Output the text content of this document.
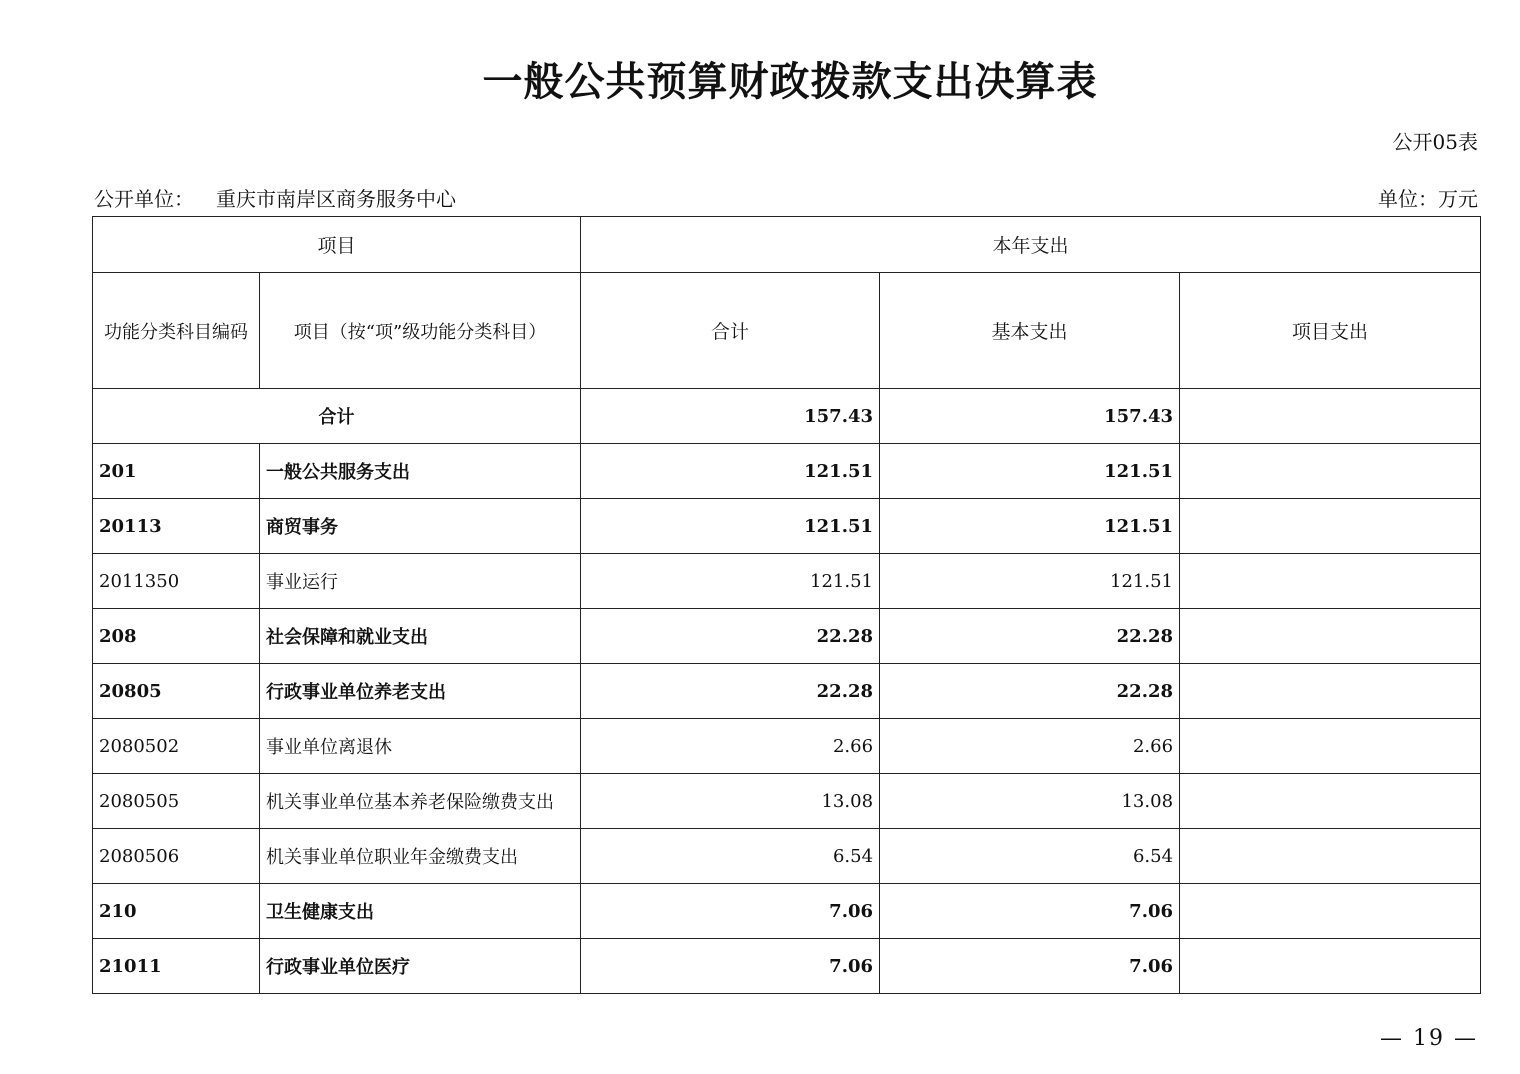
一般公共预算财政拨款支出决算表
公开05表
公开单位： 重庆市南岸区商务服务中心	单位：万元
项目		本年支出		
功能分类科目编码	项目（按“项”级功能分类科目）	合计	基本支出	项目支出
合计		157.43	157.43	
201	一般公共服务支出	121.51	121.51	
20113	商贸事务	121.51	121.51	
2011350	事业运行	121.51	121.51	
208	社会保障和就业支出	22.28	22.28	
20805	行政事业单位养老支出	22.28	22.28	
2080502	事业单位离退休	2.66	2.66	
2080505	机关事业单位基本养老保险缴费支出	13.08	13.08	
2080506	机关事业单位职业年金缴费支出	6.54	6.54	
210	卫生健康支出	7.06	7.06	
21011	行政事业单位医疗	7.06	7.06	
— 19 —
